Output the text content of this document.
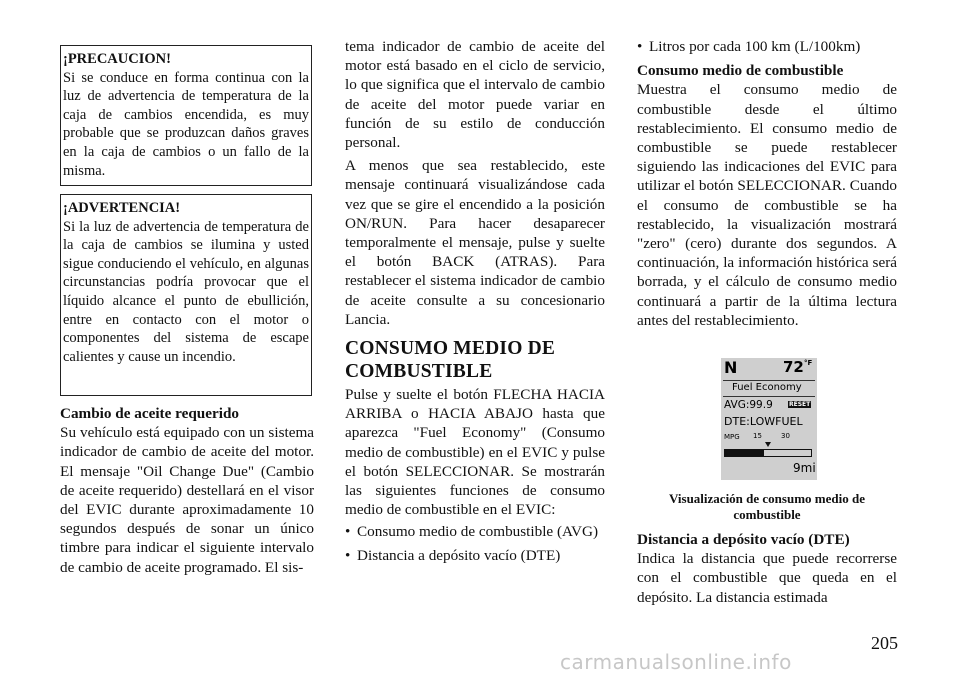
¡PRECAUCION!

Si se conduce en forma continua con la luz de advertencia de temperatura de la caja de cambios encendida, es muy probable que se produzcan daños graves en la caja de cambios o un fallo de la misma.

¡ADVERTENCIA!

Si la luz de advertencia de temperatura de la caja de cambios se ilumina y usted sigue conduciendo el vehículo, en algunas circunstancias podría provocar que el líquido alcance el punto de ebullición, entre en contacto con el motor o componentes del sistema de escape calientes y cause un incendio.

Cambio de aceite requerido

Su vehículo está equipado con un sistema indicador de cambio de aceite del motor. El mensaje "Oil Change Due" (Cambio de aceite requerido) destellará en el visor del EVIC durante aproximadamente 10 segundos después de sonar un único timbre para indicar el siguiente intervalo de cambio de aceite programado. El sis-

tema indicador de cambio de aceite del motor está basado en el ciclo de servicio, lo que significa que el intervalo de cambio de aceite del motor puede variar en función de su estilo de conducción personal.

A menos que sea restablecido, este mensaje continuará visualizándose cada vez que se gire el encendido a la posición ON/RUN. Para hacer desaparecer temporalmente el mensaje, pulse y suelte el botón BACK (ATRAS). Para restablecer el sistema indicador de cambio de aceite consulte a su concesionario Lancia.

CONSUMO MEDIO DE
COMBUSTIBLE

Pulse y suelte el botón FLECHA HACIA ARRIBA o HACIA ABAJO hasta que aparezca "Fuel Economy" (Consumo medio de combustible) en el EVIC y pulse el botón SELECCIONAR. Se mostrarán las siguientes funciones de consumo medio de combustible en el EVIC:

• Consumo medio de combustible (AVG)
• Distancia a depósito vacío (DTE)
• Litros por cada 100 km (L/100km)
Consumo medio de combustible

Muestra el consumo medio de combustible desde el último restablecimiento. El consumo medio de combustible se puede restablecer siguiendo las indicaciones del EVIC para utilizar el botón SELECCIONAR. Cuando el consumo de combustible se ha restablecido, la visualización mostrará "zero" (cero) durante dos segundos. A continuación, la información histórica será borrada, y el cálculo de consumo medio continuará a partir de la última lectura antes del restablecimiento.

N	72 °F
Fuel Economy
AVG:99.9	RESET
DTE:LOWFUEL
MPG 15	30
9mi
Visualización de consumo medio de combustible
Distancia a depósito vacío (DTE)

Indica la distancia que puede recorrerse con el combustible que queda en el depósito. La distancia estimada

205
carmanualsonline.info
